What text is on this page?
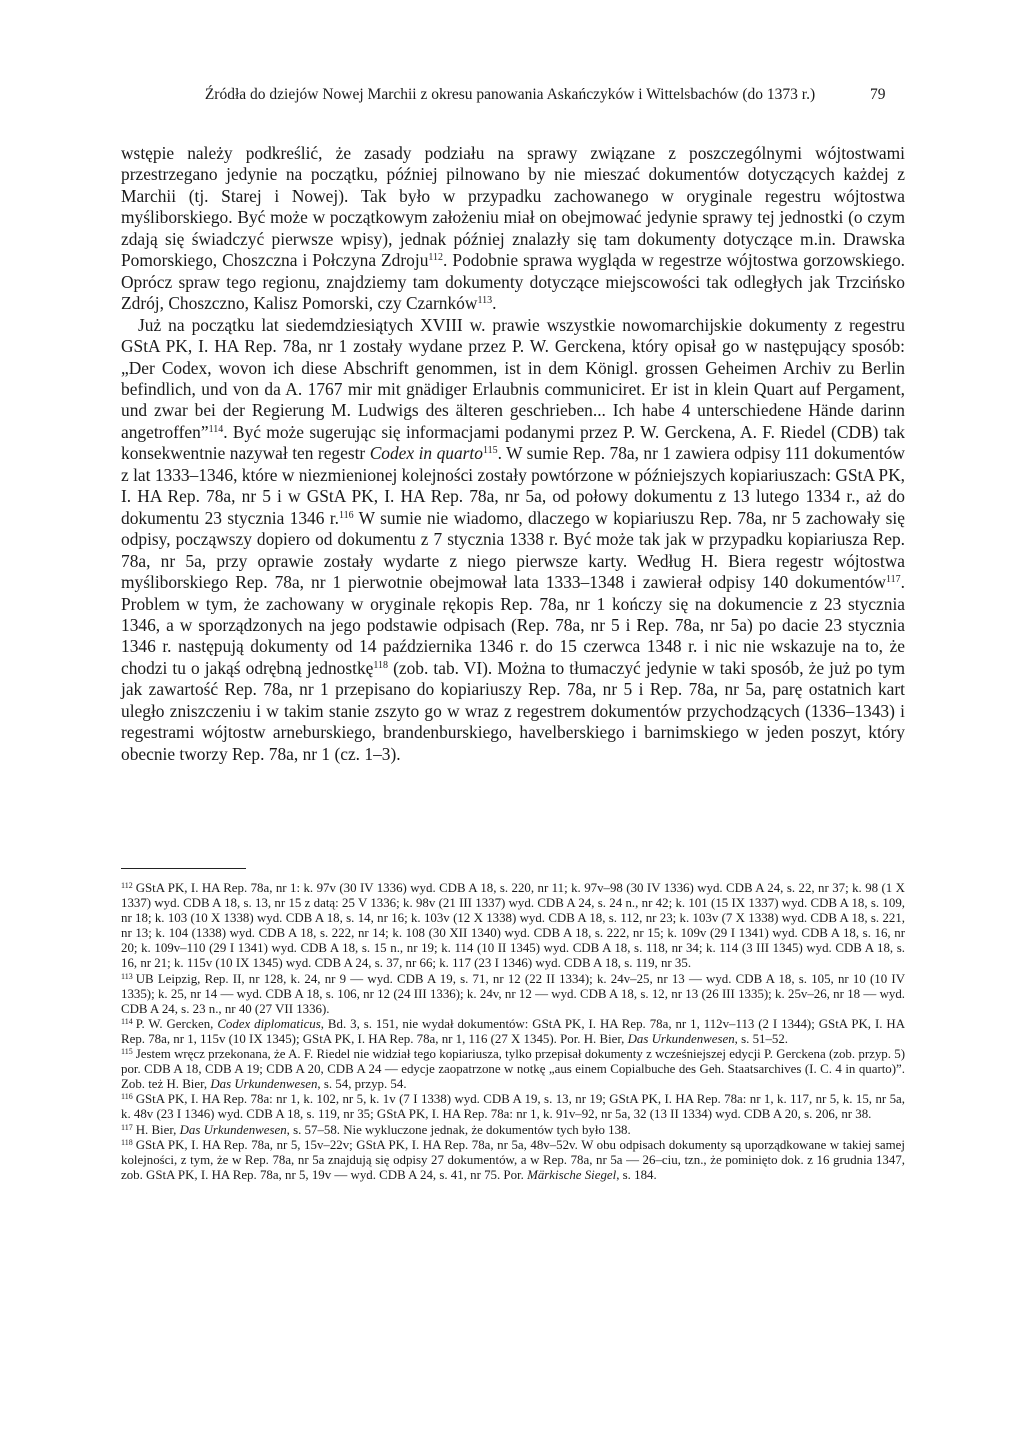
Źródła do dziejów Nowej Marchii z okresu panowania Askańczyków i Wittelsbachów (do 1373 r.)	79

wstępie należy podkreślić, że zasady podziału na sprawy związane z poszczególnymi wójtostwami przestrzegano jedynie na początku, później pilnowano by nie mieszać dokumentów dotyczących każdej z Marchii (tj. Starej i Nowej). Tak było w przypadku zachowanego w oryginale regestru wójtostwa myśliborskiego. Być może w początkowym założeniu miał on obejmować jedynie sprawy tej jednostki (o czym zdają się świadczyć pierwsze wpisy), jednak później znalazły się tam dokumenty dotyczące m.in. Drawska Pomorskiego, Choszczna i Połczyna Zdroju$^{112}$. Podobnie sprawa wygląda w regestrze wójtostwa gorzowskiego. Oprócz spraw tego regionu, znajdziemy tam dokumenty dotyczące miejscowości tak odległych jak Trzcińsko Zdrój, Choszczno, Kalisz Pomorski, czy Czarnków$^{113}$.

Już na początku lat siedemdziesiątych XVIII w. prawie wszystkie nowomarchijskie dokumenty z regestru GStA PK, I. HA Rep. 78a, nr 1 zostały wydane przez P. W. Gerckena, który opisał go w następujący sposób: „Der Codex, wovon ich diese Abschrift genommen, ist in dem Königl. grossen Geheimen Archiv zu Berlin befindlich, und von da A. 1767 mir mit gnädiger Erlaubnis communiciret. Er ist in klein Quart auf Pergament, und zwar bei der Regierung M. Ludwigs des älteren geschrieben... Ich habe 4 unterschiedene Hände darinn angetroffen”$^{114}$. Być może sugerując się informacjami podanymi przez P. W. Gerckena, A. F. Riedel (CDB) tak konsekwentnie nazywał ten regestr Codex in quarto$^{115}$. W sumie Rep. 78a, nr 1 zawiera odpisy 111 dokumentów z lat 1333–1346, które w niezmienionej kolejności zostały powtórzone w późniejszych kopiariuszach: GStA PK, I. HA Rep. 78a, nr 5 i w GStA PK, I. HA Rep. 78a, nr 5a, od połowy dokumentu z 13 lutego 1334 r., aż do dokumentu 23 stycznia 1346 r.$^{116}$ W sumie nie wiadomo, dlaczego w kopiariuszu Rep. 78a, nr 5 zachowały się odpisy, począwszy dopiero od dokumentu z 7 stycznia 1338 r. Być może tak jak w przypadku kopiariusza Rep. 78a, nr 5a, przy oprawie zostały wydarte z niego pierwsze karty. Według H. Biera regestr wójtostwa myśliborskiego Rep. 78a, nr 1 pierwotnie obejmował lata 1333–1348 i zawierał odpisy 140 dokumentów$^{117}$. Problem w tym, że zachowany w oryginale rękopis Rep. 78a, nr 1 kończy się na dokumencie z 23 stycznia 1346, a w sporządzonych na jego podstawie odpisach (Rep. 78a, nr 5 i Rep. 78a, nr 5a) po dacie 23 stycznia 1346 r. następują dokumenty od 14 października 1346 r. do 15 czerwca 1348 r. i nic nie wskazuje na to, że chodzi tu o jakąś odrębną jednostkę$^{118}$ (zob. tab. VI). Można to tłumaczyć jedynie w taki sposób, że już po tym jak zawartość Rep. 78a, nr 1 przepisano do kopiariuszy Rep. 78a, nr 5 i Rep. 78a, nr 5a, parę ostatnich kart uległo zniszczeniu i w takim stanie zszyto go w wraz z regestrem dokumentów przychodzących (1336–1343) i regestrami wójtostw arneburskiego, brandenburskiego, havelberskiego i barnimskiego w jeden poszyt, który obecnie tworzy Rep. 78a, nr 1 (cz. 1–3).

$^{112}$ GStA PK, I. HA Rep. 78a, nr 1: k. 97v (30 IV 1336) wyd. CDB A 18, s. 220, nr 11; k. 97v–98 (30 IV 1336) wyd. CDB A 24, s. 22, nr 37; k. 98 (1 X 1337) wyd. CDB A 18, s. 13, nr 15 z datą: 25 V 1336; k. 98v (21 III 1337) wyd. CDB A 24, s. 24 n., nr 42; k. 101 (15 IX 1337) wyd. CDB A 18, s. 109, nr 18; k. 103 (10 X 1338) wyd. CDB A 18, s. 14, nr 16; k. 103v (12 X 1338) wyd. CDB A 18, s. 112, nr 23; k. 103v (7 X 1338) wyd. CDB A 18, s. 221, nr 13; k. 104 (1338) wyd. CDB A 18, s. 222, nr 14; k. 108 (30 XII 1340) wyd. CDB A 18, s. 222, nr 15; k. 109v (29 I 1341) wyd. CDB A 18, s. 16, nr 20; k. 109v–110 (29 I 1341) wyd. CDB A 18, s. 15 n., nr 19; k. 114 (10 II 1345) wyd. CDB A 18, s. 118, nr 34; k. 114 (3 III 1345) wyd. CDB A 18, s. 16, nr 21; k. 115v (10 IX 1345) wyd. CDB A 24, s. 37, nr 66; k. 117 (23 I 1346) wyd. CDB A 18, s. 119, nr 35.

$^{113}$ UB Leipzig, Rep. II, nr 128, k. 24, nr 9 — wyd. CDB A 19, s. 71, nr 12 (22 II 1334); k. 24v–25, nr 13 — wyd. CDB A 18, s. 105, nr 10 (10 IV 1335); k. 25, nr 14 — wyd. CDB A 18, s. 106, nr 12 (24 III 1336); k. 24v, nr 12 — wyd. CDB A 18, s. 12, nr 13 (26 III 1335); k. 25v–26, nr 18 — wyd. CDB A 24, s. 23 n., nr 40 (27 VII 1336).

$^{114}$ P. W. Gercken, Codex diplomaticus, Bd. 3, s. 151, nie wydał dokumentów: GStA PK, I. HA Rep. 78a, nr 1, 112v–113 (2 I 1344); GStA PK, I. HA Rep. 78a, nr 1, 115v (10 IX 1345); GStA PK, I. HA Rep. 78a, nr 1, 116 (27 X 1345). Por. H. Bier, Das Urkundenwesen, s. 51–52.

$^{115}$ Jestem wręcz przekonana, że A. F. Riedel nie widział tego kopiariusza, tylko przepisał dokumenty z wcześniejszej edycji P. Gerckena (zob. przyp. 5) por. CDB A 18, CDB A 19; CDB A 20, CDB A 24 — edycje zaopatrzone w notkę „aus einem Copialbuche des Geh. Staatsarchives (I. C. 4 in quarto)”. Zob. też H. Bier, Das Urkundenwesen, s. 54, przyp. 54.

$^{116}$ GStA PK, I. HA Rep. 78a: nr 1, k. 102, nr 5, k. 1v (7 I 1338) wyd. CDB A 19, s. 13, nr 19; GStA PK, I. HA Rep. 78a: nr 1, k. 117, nr 5, k. 15, nr 5a, k. 48v (23 I 1346) wyd. CDB A 18, s. 119, nr 35; GStA PK, I. HA Rep. 78a: nr 1, k. 91v–92, nr 5a, 32 (13 II 1334) wyd. CDB A 20, s. 206, nr 38.

$^{117}$ H. Bier, Das Urkundenwesen, s. 57–58. Nie wykluczone jednak, że dokumentów tych było 138.

$^{118}$ GStA PK, I. HA Rep. 78a, nr 5, 15v–22v; GStA PK, I. HA Rep. 78a, nr 5a, 48v–52v. W obu odpisach dokumenty są uporządkowane w takiej samej kolejności, z tym, że w Rep. 78a, nr 5a znajdują się odpisy 27 dokumentów, a w Rep. 78a, nr 5a — 26–ciu, tzn., że pominięto dok. z 16 grudnia 1347, zob. GStA PK, I. HA Rep. 78a, nr 5, 19v — wyd. CDB A 24, s. 41, nr 75. Por. Märkische Siegel, s. 184.
